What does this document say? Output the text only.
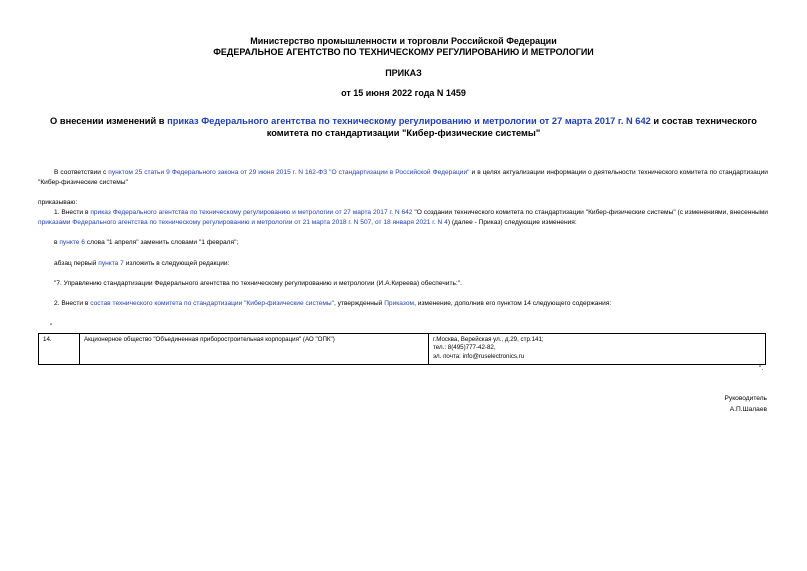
Министерство промышленности и торговли Российской Федерации
ФЕДЕРАЛЬНОЕ АГЕНТСТВО ПО ТЕХНИЧЕСКОМУ РЕГУЛИРОВАНИЮ И МЕТРОЛОГИИ
ПРИКАЗ
от 15 июня 2022 года N 1459
О внесении изменений в приказ Федерального агентства по техническому регулированию и метрологии от 27 марта 2017 г. N 642 и состав технического комитета по стандартизации "Кибер-физические системы"
В соответствии с пунктом 25 статьи 9 Федерального закона от 29 июня 2015 г. N 162-ФЗ "О стандартизации в Российской Федерации" и в целях актуализации информации о деятельности технического комитета по стандартизации "Кибер-физические системы"
приказываю:
1. Внести в приказ Федерального агентства по техническому регулированию и метрологии от 27 марта 2017 г. N 642 "О создании технического комитета по стандартизации "Кибер-физические системы" (с изменениями, внесенными приказами Федерального агентства по техническому регулированию и метрологии от 21 марта 2018 г. N 507, от 18 января 2021 г. N 4) (далее - Приказ) следующие изменения:
в пункте 6 слова "1 апреля" заменить словами "1 февраля";
абзац первый пункта 7 изложить в следующей редакции:
"7. Управлению стандартизации Федерального агентства по техническому регулированию и метрологии (И.А.Киреева) обеспечить:".
2. Внести в состав технического комитета по стандартизации "Кибер-физические системы", утвержденный Приказом, изменение, дополнив его пунктом 14 следующего содержания:
"
14.	Акционерное общество "Объединенная приборостроительная корпорация" (АО "ОПК")	г.Москва, Верейская ул., д.29, стр.141;
тел.: 8(495)777-42-82,
эл. почта: info@ruselectronics.ru
".
Руководитель
А.П.Шалаев
